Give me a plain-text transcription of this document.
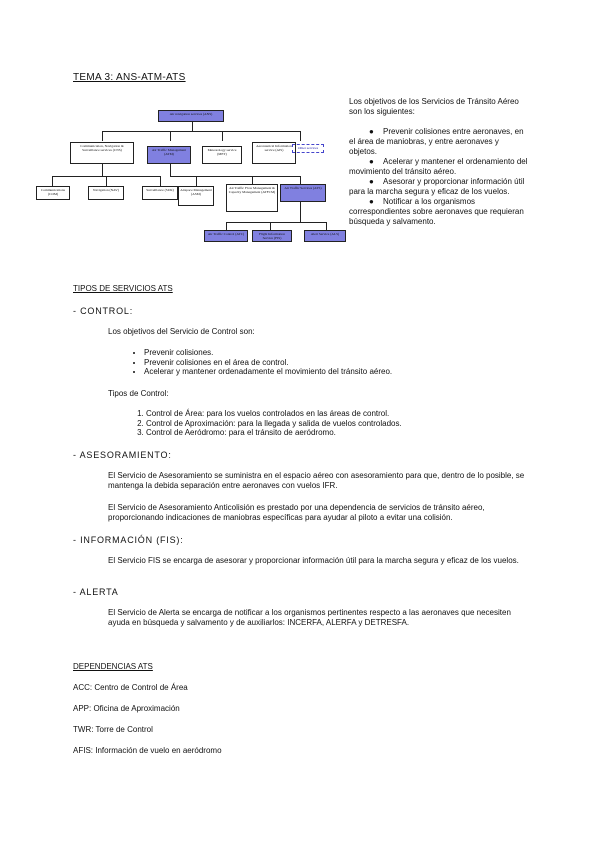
TEMA 3: ANS-ATM-ATS
Air navigation services (ANS)
Communication, Navigation & Surveillance services (CNS)	Air Traffic Management (ATM)
Meteorology service (MET)
Aeronautical Information service (AIS)	Other services
Communications (COM)
Navigation (NAV)	Surveillance (SUR)	Airspace Management (ASM)
Air Traffic Flow Management & Capacity Management (ATFCM)
Air Traffic Services (ATS)
Air Traffic Control (ATC)	Flight Information Service (FIS)
Alert Service (ALS)

Los objetivos de los Servicios de Tránsito Aéreo son los siguientes:

● Prevenir colisiones entre aeronaves, en el área de maniobras, y entre aeronaves y objetos.

● Acelerar y mantener el ordenamiento del movimiento del tránsito aéreo.

● Asesorar y proporcionar información útil para la marcha segura y eficaz de los vuelos.

● Notificar a los organismos correspondientes sobre aeronaves que requieran búsqueda y salvamento.

TIPOS DE SERVICIOS ATS
- CONTROL:
Los objetivos del Servicio de Control son:
• Prevenir colisiones.
• Prevenir colisiones en el área de control.
• Acelerar y mantener ordenadamente el movimiento del tránsito aéreo.
Tipos de Control:
1. Control de Área: para los vuelos controlados en las áreas de control.
2. Control de Aproximación: para la llegada y salida de vuelos controlados.
3. Control de Aeródromo: para el tránsito de aeródromo.
- ASESORAMIENTO:
El Servicio de Asesoramiento se suministra en el espacio aéreo con asesoramiento para que, dentro de lo posible, se mantenga la debida separación entre aeronaves con vuelos IFR.
El Servicio de Asesoramiento Anticolisión es prestado por una dependencia de servicios de tránsito aéreo, proporcionando indicaciones de maniobras específicas para ayudar al piloto a evitar una colisión.
- INFORMACIÓN (FIS):
El Servicio FIS se encarga de asesorar y proporcionar información útil para la marcha segura y eficaz de los vuelos.
- ALERTA
El Servicio de Alerta se encarga de notificar a los organismos pertinentes respecto a las aeronaves que necesiten ayuda en búsqueda y salvamento y de auxiliarlos: INCERFA, ALERFA y DETRESFA.
DEPENDENCIAS ATS
ACC: Centro de Control de Área
APP: Oficina de Aproximación
TWR: Torre de Control
AFIS: Información de vuelo en aeródromo
